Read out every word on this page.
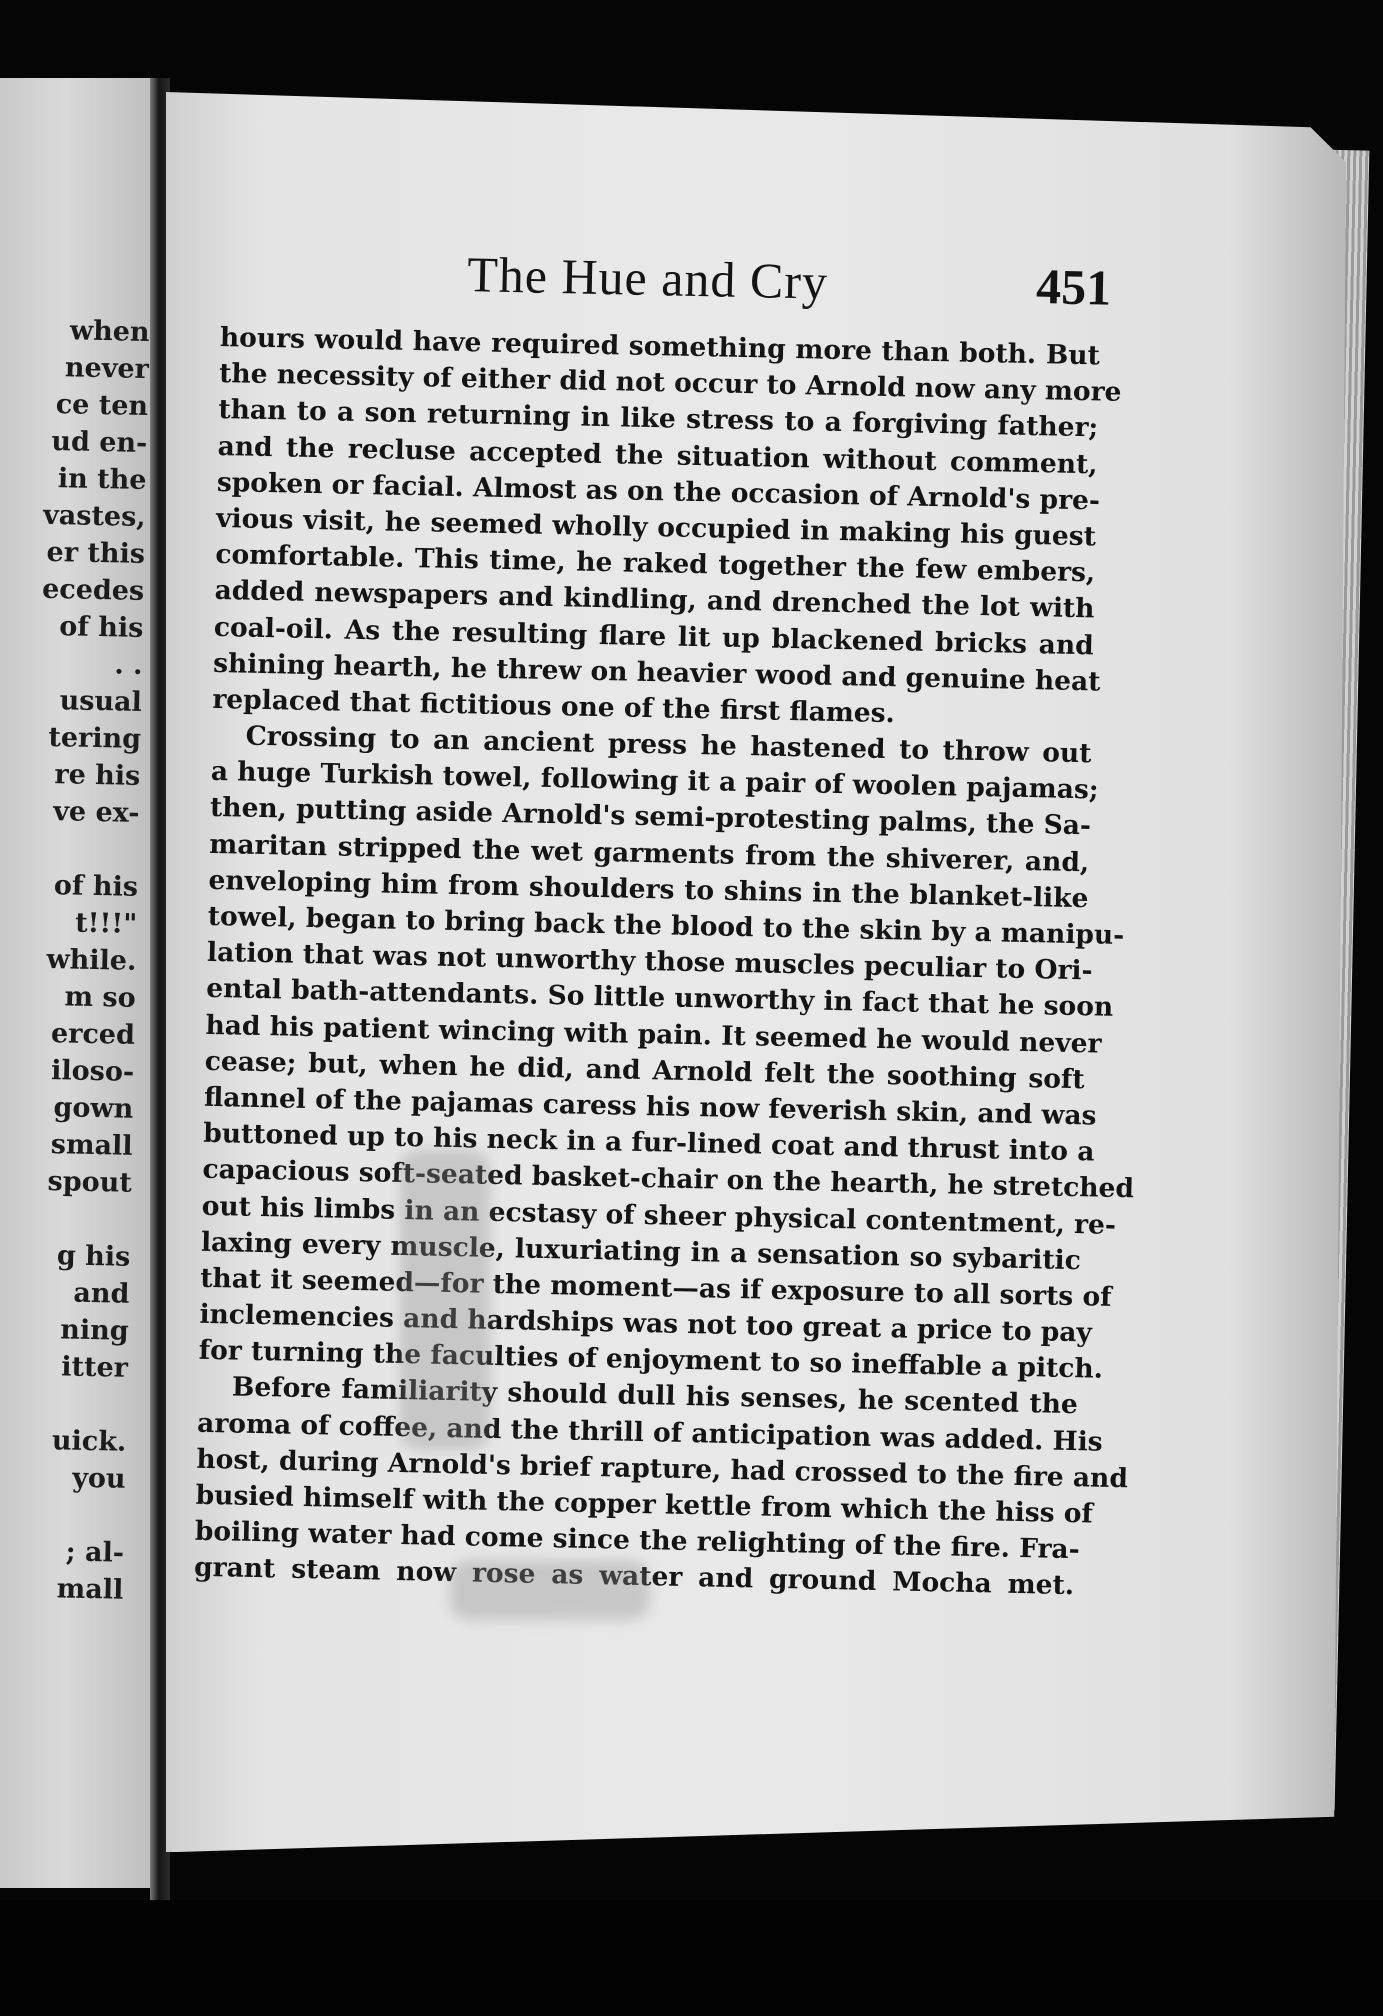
when
never
ce ten
ud en-
in the
vastes,
er this
ecedes
of his
. .
usual
tering
re his
ve ex-
of his
t!!!"
while.
m so
erced
iloso-
gown
small
spout
g his
and
ning
itter
uick.
you
; al-
mall
The Hue and Cry	451
hours would have required something more than both. But
the necessity of either did not occur to Arnold now any more
than to a son returning in like stress to a forgiving father;
and the recluse accepted the situation without comment,
spoken or facial. Almost as on the occasion of Arnold's pre-
vious visit, he seemed wholly occupied in making his guest
comfortable. This time, he raked together the few embers,
added newspapers and kindling, and drenched the lot with
coal-oil. As the resulting flare lit up blackened bricks and
shining hearth, he threw on heavier wood and genuine heat
replaced that fictitious one of the first flames.
Crossing to an ancient press he hastened to throw out
a huge Turkish towel, following it a pair of woolen pajamas;
then, putting aside Arnold's semi-protesting palms, the Sa-
maritan stripped the wet garments from the shiverer, and,
enveloping him from shoulders to shins in the blanket-like
towel, began to bring back the blood to the skin by a manipu-
lation that was not unworthy those muscles peculiar to Ori-
ental bath-attendants. So little unworthy in fact that he soon
had his patient wincing with pain. It seemed he would never
cease; but, when he did, and Arnold felt the soothing soft
flannel of the pajamas caress his now feverish skin, and was
buttoned up to his neck in a fur-lined coat and thrust into a
capacious soft-seated basket-chair on the hearth, he stretched
out his limbs in an ecstasy of sheer physical contentment, re-
laxing every muscle, luxuriating in a sensation so sybaritic
that it seemed—for the moment—as if exposure to all sorts of
inclemencies and hardships was not too great a price to pay
for turning the faculties of enjoyment to so ineffable a pitch.
Before familiarity should dull his senses, he scented the
aroma of coffee, and the thrill of anticipation was added. His
host, during Arnold's brief rapture, had crossed to the fire and
busied himself with the copper kettle from which the hiss of
boiling water had come since the relighting of the fire. Fra-
grant steam now rose as water and ground Mocha met.
